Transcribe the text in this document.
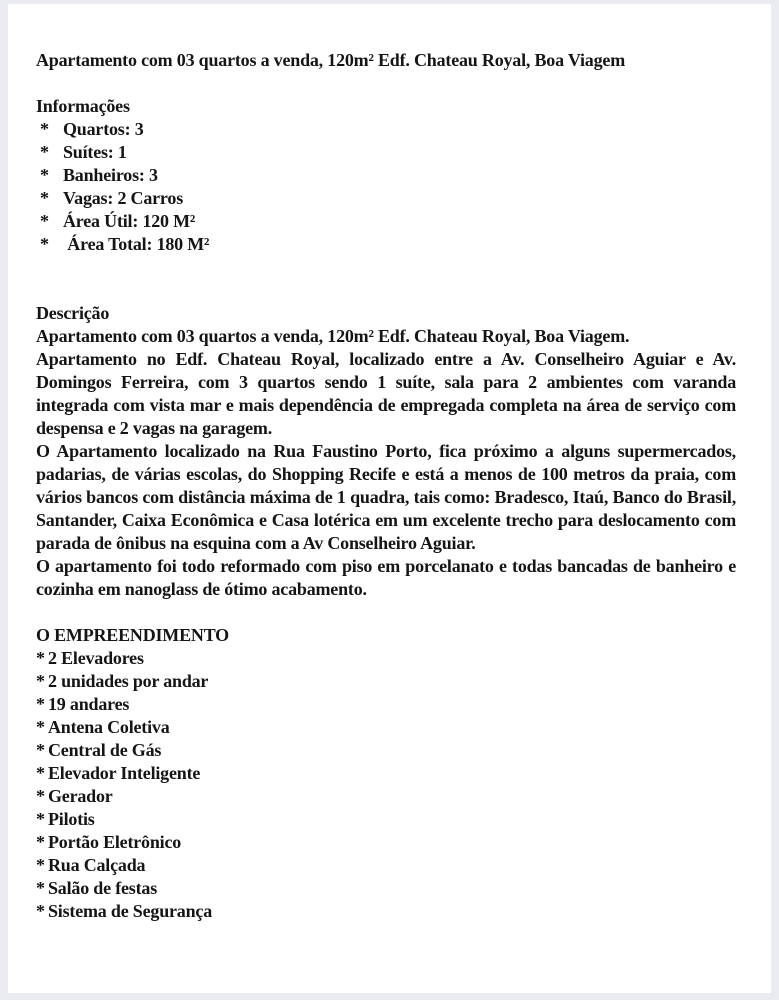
Apartamento com 03 quartos a venda, 120m² Edf. Chateau Royal, Boa Viagem
Informações
* Quartos: 3
* Suítes: 1
* Banheiros: 3
* Vagas: 2 Carros
* Área Útil: 120 M²
* Área Total: 180 M²
Descrição

Apartamento com 03 quartos a venda, 120m² Edf. Chateau Royal, Boa Viagem.

Apartamento no Edf. Chateau Royal, localizado entre a Av. Conselheiro Aguiar e Av. Domingos Ferreira, com 3 quartos sendo 1 suíte, sala para 2 ambientes com varanda integrada com vista mar e mais dependência de empregada completa na área de serviço com despensa e 2 vagas na garagem.

O Apartamento localizado na Rua Faustino Porto, fica próximo a alguns supermercados, padarias, de várias escolas, do Shopping Recife e está a menos de 100 metros da praia, com vários bancos com distância máxima de 1 quadra, tais como: Bradesco, Itaú, Banco do Brasil, Santander, Caixa Econômica e Casa lotérica em um excelente trecho para deslocamento com parada de ônibus na esquina com a Av Conselheiro Aguiar.

O apartamento foi todo reformado com piso em porcelanato e todas bancadas de banheiro e cozinha em nanoglass de ótimo acabamento.

O EMPREENDIMENTO
* 2 Elevadores
* 2 unidades por andar
* 19 andares
* Antena Coletiva
* Central de Gás
* Elevador Inteligente
* Gerador
* Pilotis
* Portão Eletrônico
* Rua Calçada
* Salão de festas
* Sistema de Segurança
